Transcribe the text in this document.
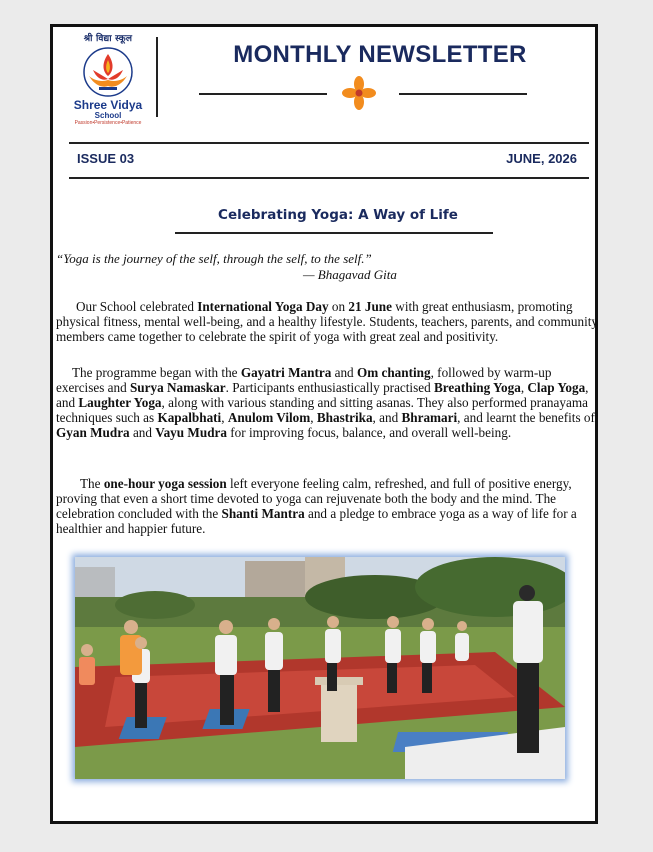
श्री विद्या स्कूल
Shree Vidya
School
Passion•Persistence•Patience
MONTHLY NEWSLETTER
ISSUE 03	JUNE, 2026
Celebrating Yoga: A Way of Life
“Yoga is the journey of the self, through the self, to the self.”
— Bhagavad Gita

Our School celebrated International Yoga Day on 21 June with great enthusiasm, promoting physical fitness, mental well-being, and a healthy lifestyle. Students, teachers, parents, and community members came together to celebrate the spirit of yoga with great zeal and positivity.

The programme began with the Gayatri Mantra and Om chanting, followed by warm-up exercises and Surya Namaskar. Participants enthusiastically practised Breathing Yoga, Clap Yoga, and Laughter Yoga, along with various standing and sitting asanas. They also performed pranayama techniques such as Kapalbhati, Anulom Vilom, Bhastrika, and Bhramari, and learnt the benefits of Gyan Mudra and Vayu Mudra for improving focus, balance, and overall well-being.

The one-hour yoga session left everyone feeling calm, refreshed, and full of positive energy, proving that even a short time devoted to yoga can rejuvenate both the body and the mind. The celebration concluded with the Shanti Mantra and a pledge to embrace yoga as a way of life for a healthier and happier future.
